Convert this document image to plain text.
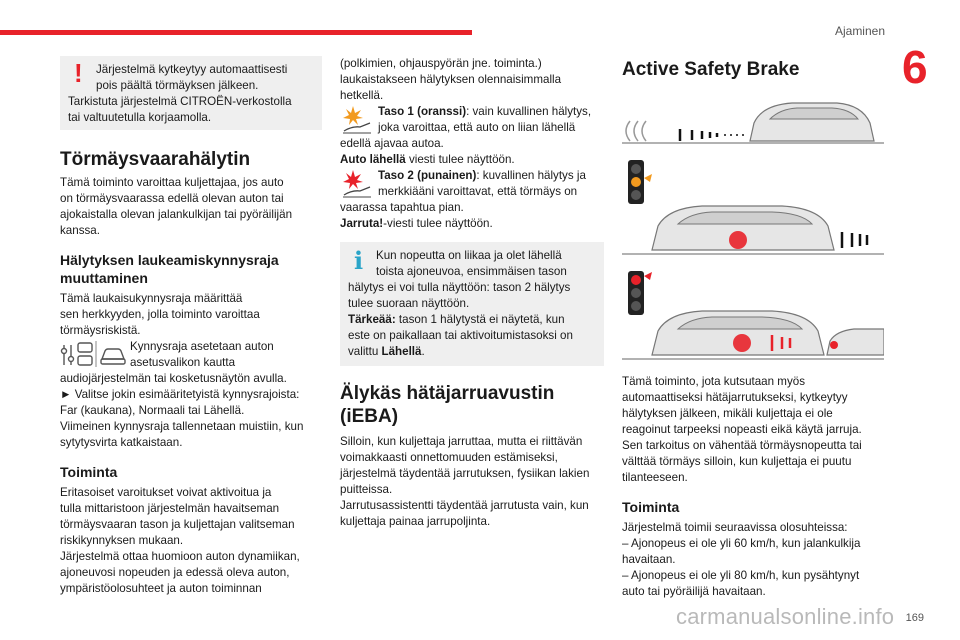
Ajaminen
6
!	Järjestelmä kytkeytyy automaattisesti

pois päältä törmäyksen jälkeen.

Tarkistuta järjestelmä CITROËN-verkostolla

tai valtuutetulla korjaamolla.

Törmäysvaarahälytin

Tämä toiminto varoittaa kuljettajaa, jos auto

on törmäysvaarassa edellä olevan auton tai

ajokaistalla olevan jalankulkijan tai pyöräilijän

kanssa.

Hälytyksen laukeamiskynnysraja
muuttaminen

Tämä laukaisukynnysraja määrittää

sen herkkyyden, jolla toiminto varoittaa

törmäysriskistä.

Kynnysraja asetetaan auton

asetusvalikon kautta

audiojärjestelmän tai kosketusnäytön avulla.

► Valitse jokin esimääritetyistä kynnysrajoista:

Far (kaukana), Normaali tai Lähellä.

Viimeinen kynnysraja tallennetaan muistiin, kun

sytytysvirta katkaistaan.

Toiminta

Eritasoiset varoitukset voivat aktivoitua ja

tulla mittaristoon järjestelmän havaitseman

törmäysvaaran tason ja kuljettajan valitseman

riskikynnyksen mukaan.

Järjestelmä ottaa huomioon auton dynamiikan,

ajoneuvosi nopeuden ja edessä oleva auton,

ympäristöolosuhteet ja auton toiminnan

(polkimien, ohjauspyörän jne. toiminta.)

laukaistakseen hälytyksen olennaisimmalla

hetkellä.

Taso 1 (oranssi): vain kuvallinen hälytys,

joka varoittaa, että auto on liian lähellä

edellä ajavaa autoa.

Auto lähellä viesti tulee näyttöön.

Taso 2 (punainen): kuvallinen hälytys ja

merkkiääni varoittavat, että törmäys on

vaarassa tapahtua pian.

Jarruta!-viesti tulee näyttöön.

i	Kun nopeutta on liikaa ja olet lähellä

toista ajoneuvoa, ensimmäisen tason

hälytys ei voi tulla näyttöön: tason 2 hälytys

tulee suoraan näyttöön.

Tärkeää: tason 1 hälytystä ei näytetä, kun

este on paikallaan tai aktivoitumistasoksi on

valittu Lähellä.

Älykäs hätäjarruavustin
(iEBA)

Silloin, kun kuljettaja jarruttaa, mutta ei riittävän

voimakkaasti onnettomuuden estämiseksi,

järjestelmä täydentää jarrutuksen, fysiikan lakien

puitteissa.

Jarrutusassistentti täydentää jarrutusta vain, kun

kuljettaja painaa jarrupoljinta.

Active Safety Brake

Tämä toiminto, jota kutsutaan myös

automaattiseksi hätäjarrutukseksi, kytkeytyy

hälytyksen jälkeen, mikäli kuljettaja ei ole

reagoinut tarpeeksi nopeasti eikä käytä jarruja.

Sen tarkoitus on vähentää törmäysnopeutta tai

välttää törmäys silloin, kun kuljettaja ei puutu

tilanteeseen.

Toiminta

Järjestelmä toimii seuraavissa olosuhteissa:

– Ajonopeus ei ole yli 60 km/h, kun jalankulkija

havaitaan.

– Ajonopeus ei ole yli 80 km/h, kun pysähtynyt

auto tai pyöräilijä havaitaan.

carmanualsonline.info 169
